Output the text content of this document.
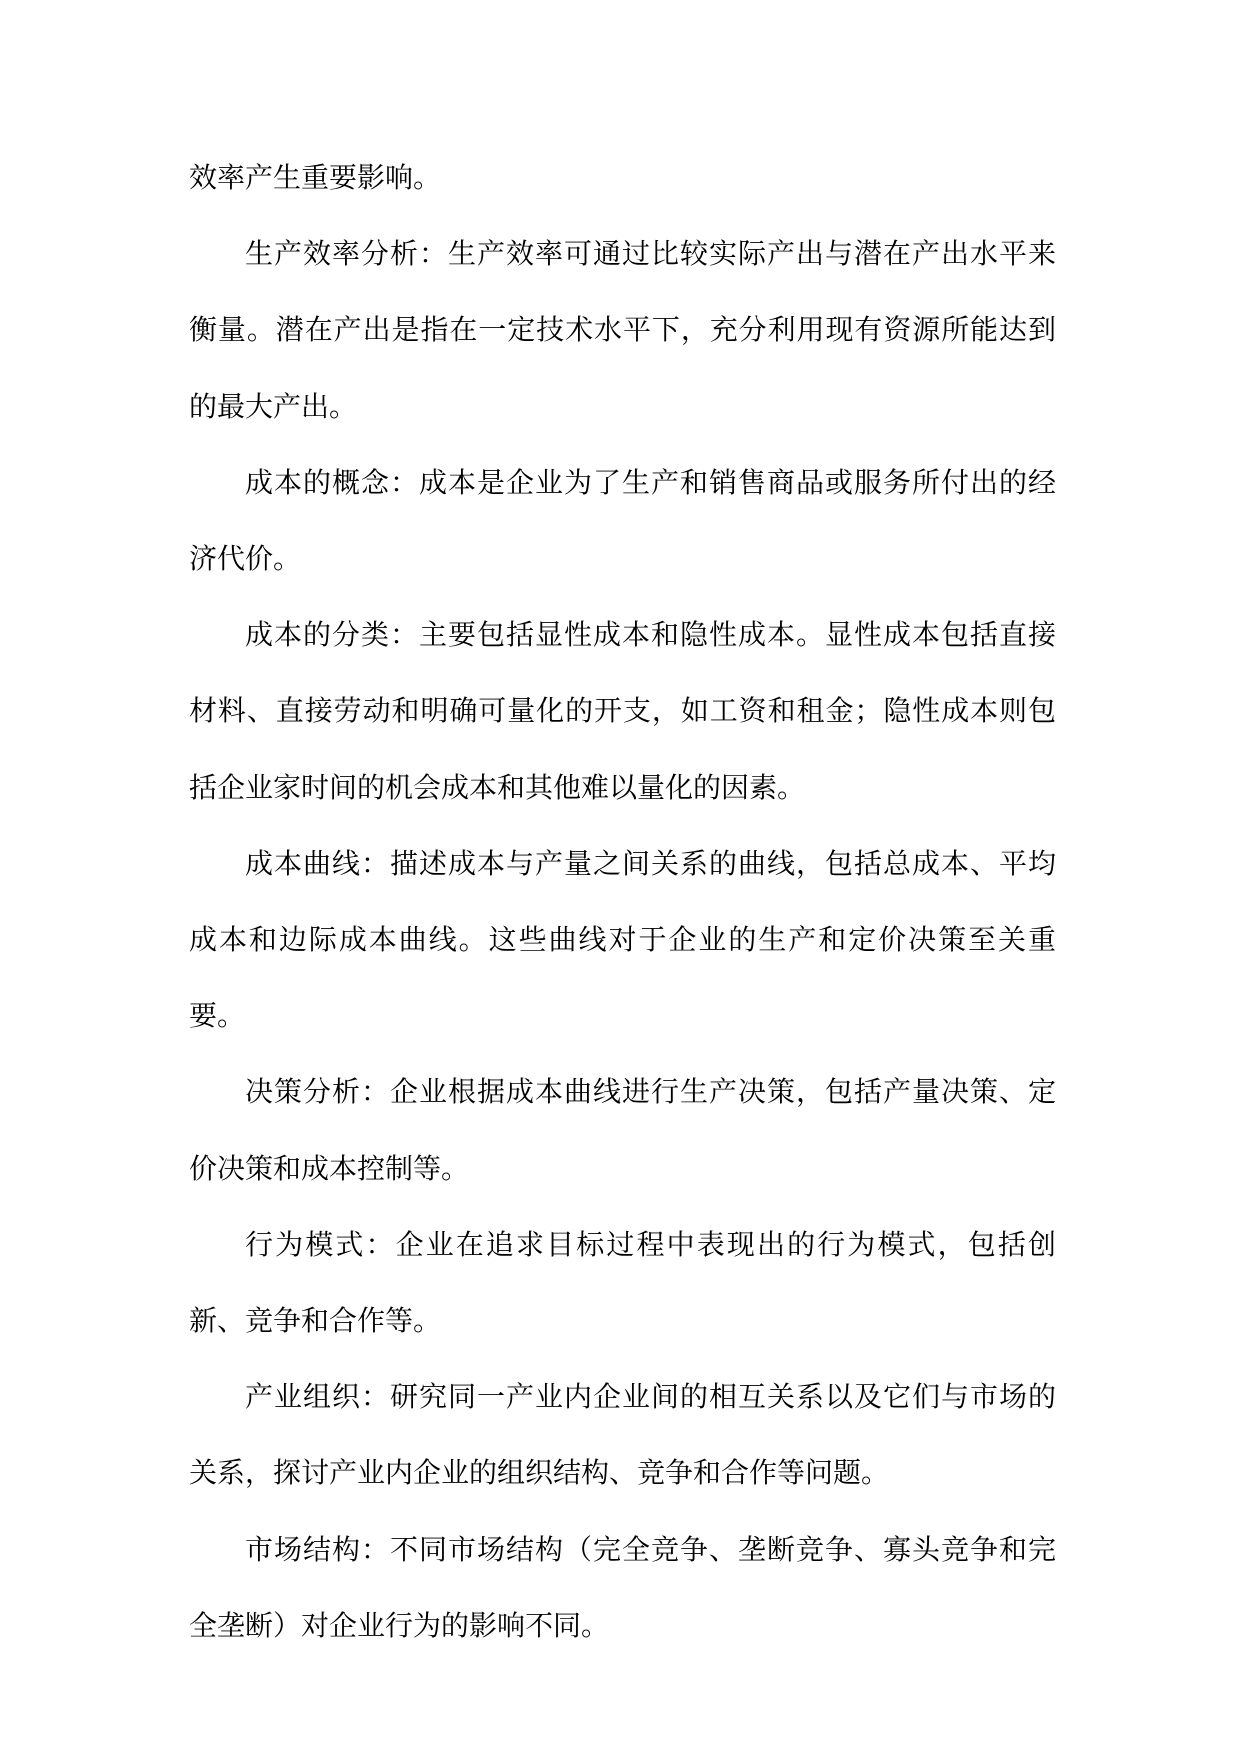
效率产生重要影响。

生产效率分析：生产效率可通过比较实际产出与潜在产出水平来衡量。潜在产出是指在一定技术水平下，充分利用现有资源所能达到的最大产出。

成本的概念：成本是企业为了生产和销售商品或服务所付出的经济代价。

成本的分类：主要包括显性成本和隐性成本。显性成本包括直接材料、直接劳动和明确可量化的开支，如工资和租金；隐性成本则包括企业家时间的机会成本和其他难以量化的因素。

成本曲线：描述成本与产量之间关系的曲线，包括总成本、平均成本和边际成本曲线。这些曲线对于企业的生产和定价决策至关重要。

决策分析：企业根据成本曲线进行生产决策，包括产量决策、定价决策和成本控制等。

行为模式：企业在追求目标过程中表现出的行为模式，包括创新、竞争和合作等。

产业组织：研究同一产业内企业间的相互关系以及它们与市场的关系，探讨产业内企业的组织结构、竞争和合作等问题。

市场结构：不同市场结构（完全竞争、垄断竞争、寡头竞争和完全垄断）对企业行为的影响不同。
